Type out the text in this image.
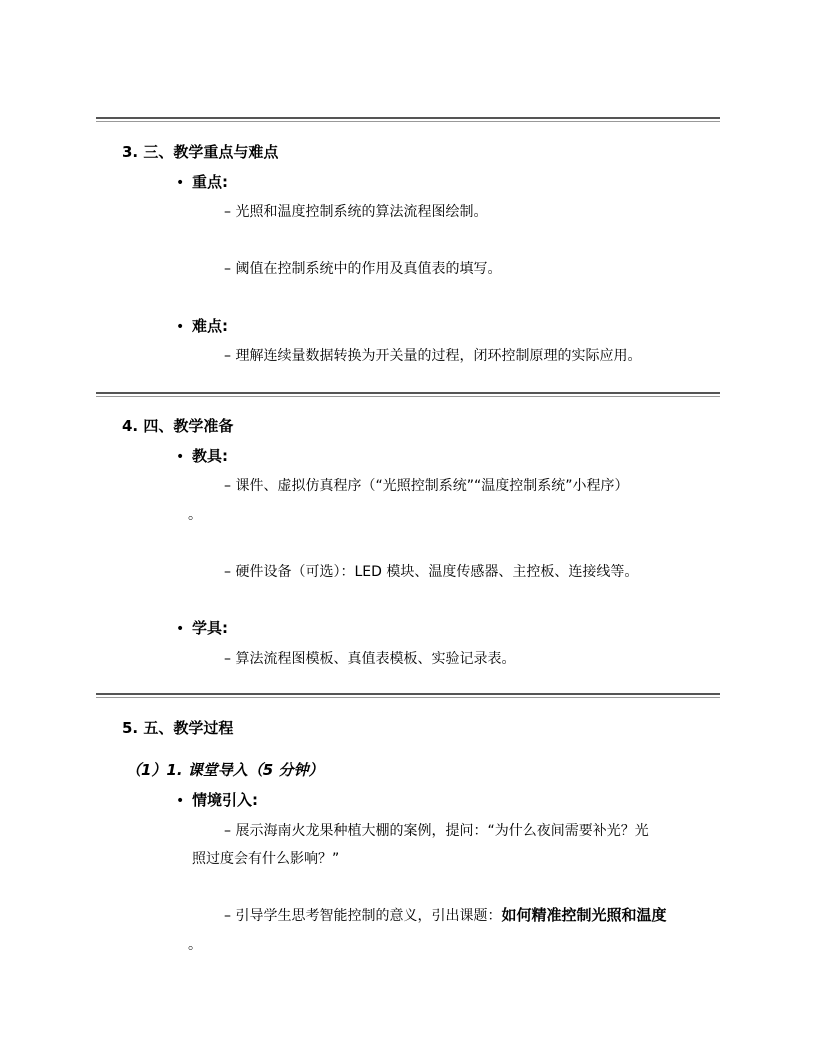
3. 三、教学重点与难点
• 重点:
– 光照和温度控制系统的算法流程图绘制。
– 阈值在控制系统中的作用及真值表的填写。
• 难点:
– 理解连续量数据转换为开关量的过程，闭环控制原理的实际应用。
4. 四、教学准备
• 教具:
– 课件、虚拟仿真程序（“光照控制系统”“温度控制系统”小程序）
。
– 硬件设备（可选）：LED 模块、温度传感器、主控板、连接线等。
• 学具:
– 算法流程图模板、真值表模板、实验记录表。
5. 五、教学过程
（1）1. 课堂导入（5 分钟）
• 情境引入:
– 展示海南火龙果种植大棚的案例，提问：“为什么夜间需要补光？光
照过度会有什么影响？”
– 引导学生思考智能控制的意义，引出课题：如何精准控制光照和温度
。
